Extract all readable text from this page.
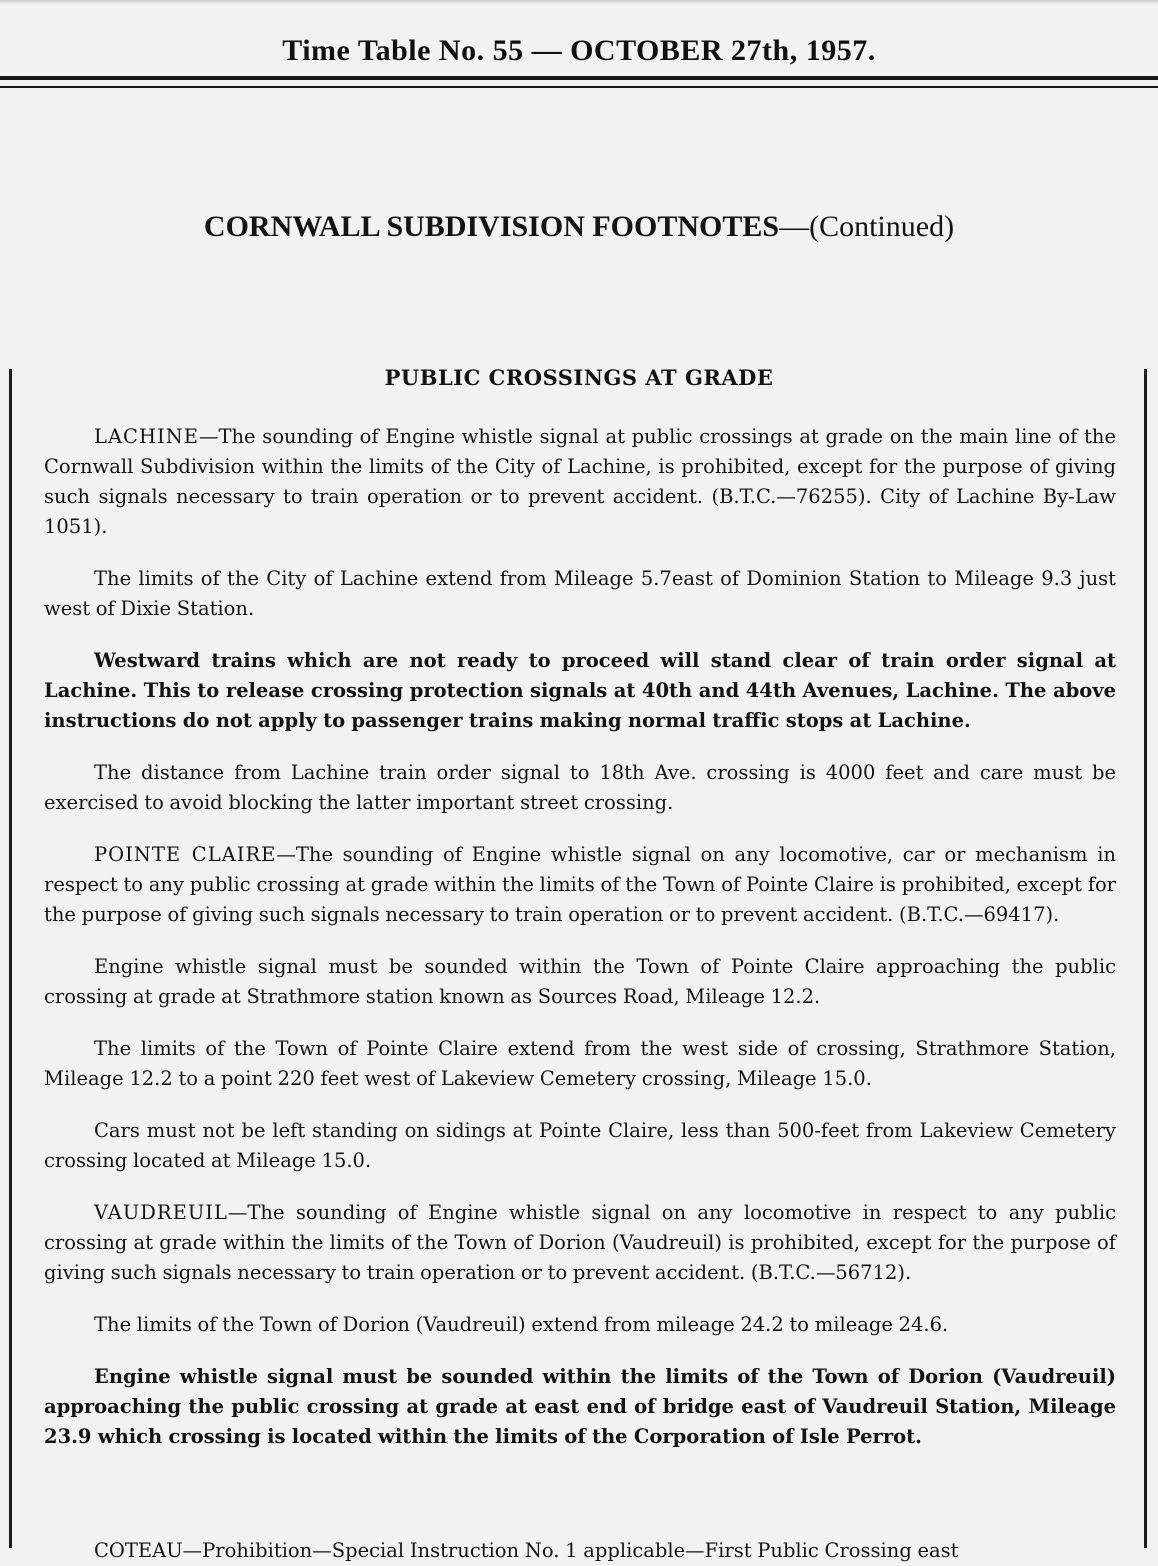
Time Table No. 55 — OCTOBER 27th, 1957.
CORNWALL SUBDIVISION FOOTNOTES—(Continued)
PUBLIC CROSSINGS AT GRADE

LACHINE—The sounding of Engine whistle signal at public crossings at grade on the main line of the Cornwall Subdivision within the limits of the City of Lachine, is prohibited, except for the purpose of giving such signals necessary to train operation or to prevent accident. (B.T.C.—76255). City of Lachine By-Law 1051).

The limits of the City of Lachine extend from Mileage 5.7east of Dominion Station to Mileage 9.3 just west of Dixie Station.

Westward trains which are not ready to proceed will stand clear of train order signal at Lachine. This to release crossing protection signals at 40th and 44th Avenues, Lachine. The above instructions do not apply to passenger trains making normal traffic stops at Lachine.

The distance from Lachine train order signal to 18th Ave. crossing is 4000 feet and care must be exercised to avoid blocking the latter important street crossing.

POINTE CLAIRE—The sounding of Engine whistle signal on any locomotive, car or mechanism in respect to any public crossing at grade within the limits of the Town of Pointe Claire is prohibited, except for the purpose of giving such signals necessary to train operation or to prevent accident. (B.T.C.—69417).

Engine whistle signal must be sounded within the Town of Pointe Claire approaching the public crossing at grade at Strathmore station known as Sources Road, Mileage 12.2.

The limits of the Town of Pointe Claire extend from the west side of crossing, Strathmore Station, Mileage 12.2 to a point 220 feet west of Lakeview Cemetery crossing, Mileage 15.0.

Cars must not be left standing on sidings at Pointe Claire, less than 500-feet from Lakeview Cemetery crossing located at Mileage 15.0.

VAUDREUIL—The sounding of Engine whistle signal on any locomotive in respect to any public crossing at grade within the limits of the Town of Dorion (Vaudreuil) is prohibited, except for the purpose of giving such signals necessary to train operation or to prevent accident. (B.T.C.—56712).

The limits of the Town of Dorion (Vaudreuil) extend from mileage 24.2 to mileage 24.6.

Engine whistle signal must be sounded within the limits of the Town of Dorion (Vaudreuil) approaching the public crossing at grade at east end of bridge east of Vaudreuil Station, Mileage 23.9 which crossing is located within the limits of the Corporation of Isle Perrot.

COTEAU—Prohibition—Special Instruction No. 1 applicable—First Public Crossing east
